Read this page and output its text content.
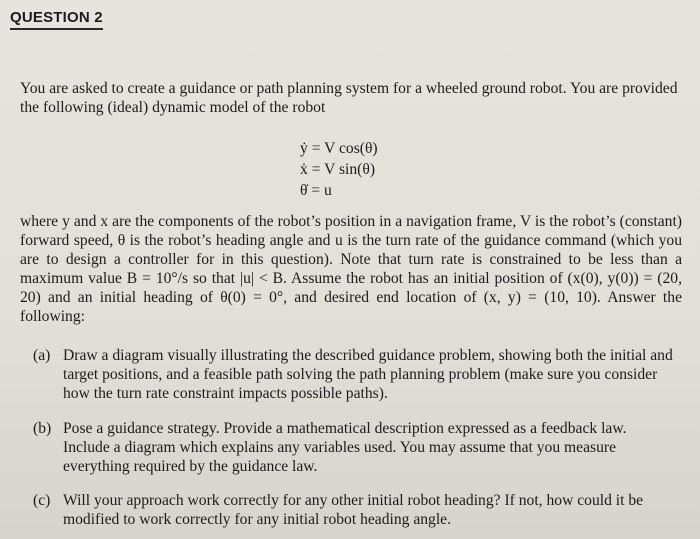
QUESTION 2
You are asked to create a guidance or path planning system for a wheeled ground robot. You are provided the following (ideal) dynamic model of the robot
ẏ = V cos(θ)
ẋ = V sin(θ)
θ̇ = u
where y and x are the components of the robot’s position in a navigation frame, V is the robot’s (constant) forward speed, θ is the robot’s heading angle and u is the turn rate of the guidance command (which you are to design a controller for in this question). Note that turn rate is constrained to be less than a maximum value B = 10°/s so that |u| < B. Assume the robot has an initial position of (x(0), y(0)) = (20, 20) and an initial heading of θ(0) = 0°, and desired end location of (x, y) = (10, 10). Answer the following:
(a) Draw a diagram visually illustrating the described guidance problem, showing both the initial and target positions, and a feasible path solving the path planning problem (make sure you consider how the turn rate constraint impacts possible paths).
(b) Pose a guidance strategy. Provide a mathematical description expressed as a feedback law. Include a diagram which explains any variables used. You may assume that you measure everything required by the guidance law.
(c) Will your approach work correctly for any other initial robot heading? If not, how could it be modified to work correctly for any initial robot heading angle.
